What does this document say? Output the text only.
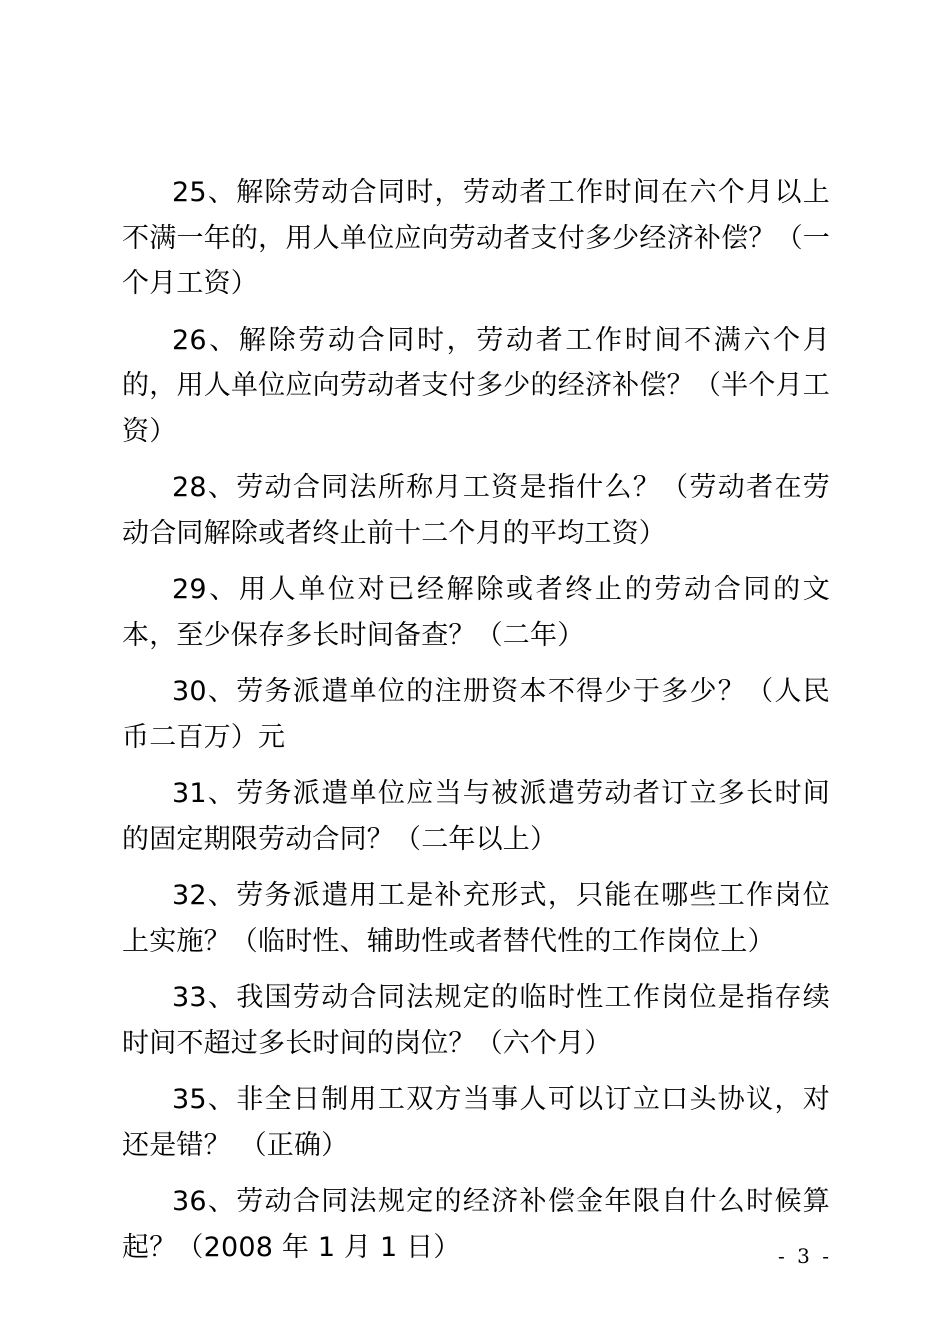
25、解除劳动合同时，劳动者工作时间在六个月以上不满一年的，用人单位应向劳动者支付多少经济补偿？（一个月工资）

26、解除劳动合同时，劳动者工作时间不满六个月的，用人单位应向劳动者支付多少的经济补偿？（半个月工资）

28、劳动合同法所称月工资是指什么？（劳动者在劳动合同解除或者终止前十二个月的平均工资）

29、用人单位对已经解除或者终止的劳动合同的文本，至少保存多长时间备查？（二年）

30、劳务派遣单位的注册资本不得少于多少？（人民币二百万）元

31、劳务派遣单位应当与被派遣劳动者订立多长时间的固定期限劳动合同？（二年以上）

32、劳务派遣用工是补充形式，只能在哪些工作岗位上实施？（临时性、辅助性或者替代性的工作岗位上）

33、我国劳动合同法规定的临时性工作岗位是指存续时间不超过多长时间的岗位？（六个月）

35、非全日制用工双方当事人可以订立口头协议，对还是错？ （正确）

36、劳动合同法规定的经济补偿金年限自什么时候算起？（2008 年 1 月 1 日）	- 3 -
